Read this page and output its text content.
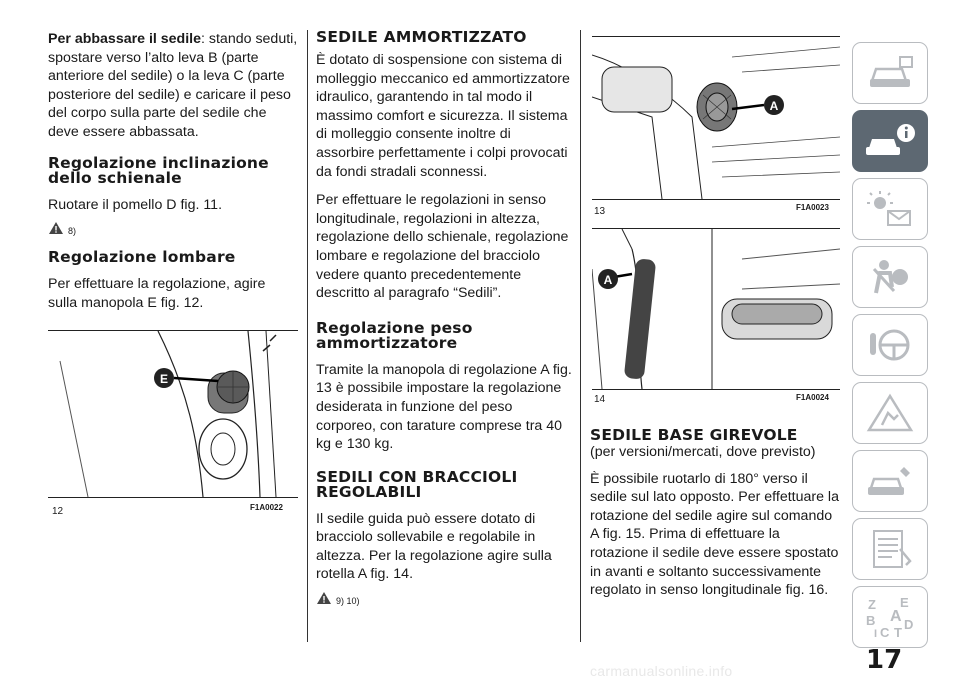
Per abbassare il sedile: stando seduti, spostare verso l’alto leva B (parte anteriore del sedile) o la leva C (parte posteriore del sedile) e caricare il peso del corpo sulla parte del sedile che deve essere abbassata.

Regolazione inclinazione dello schienale

Ruotare il pomello D fig. 11.

8)
Regolazione lombare

Per effettuare la regolazione, agire sulla manopola E fig. 12.

E
12	F1A0022
SEDILE AMMORTIZZATO

È dotato di sospensione con sistema di molleggio meccanico ed ammortizzatore idraulico, garantendo in tal modo il massimo comfort e sicurezza. Il sistema di molleggio consente inoltre di assorbire perfettamente i colpi provocati da fondi stradali sconnessi.

Per effettuare le regolazioni in senso longitudinale, regolazioni in altezza, regolazione dello schienale, regolazione lombare e regolazione del bracciolo vedere quanto precedentemente descritto al paragrafo “Sedili”.

Regolazione peso ammortizzatore

Tramite la manopola di regolazione A fig. 13 è possibile impostare la regolazione desiderata in funzione del peso corporeo, con tarature comprese tra 40 kg e 130 kg.

SEDILI CON BRACCIOLI REGOLABILI

Il sedile guida può essere dotato di bracciolo sollevabile e regolabile in altezza. Per la regolazione agire sulla rotella A fig. 14.

9) 10)
A
13	F1A0023
A
14	F1A0024
SEDILE BASE GIREVOLE

(per versioni/mercati, dove previsto)

È possibile ruotarlo di 180° verso il sedile sul lato opposto. Per effettuare la rotazione del sedile agire sul comando A fig. 15. Prima di effettuare la rotazione il sedile deve essere spostato in avanti e soltanto successivamente regolato in senso longitudinale fig. 16.

Z E
A
B D
I C T
17
carmanualsonline.info
